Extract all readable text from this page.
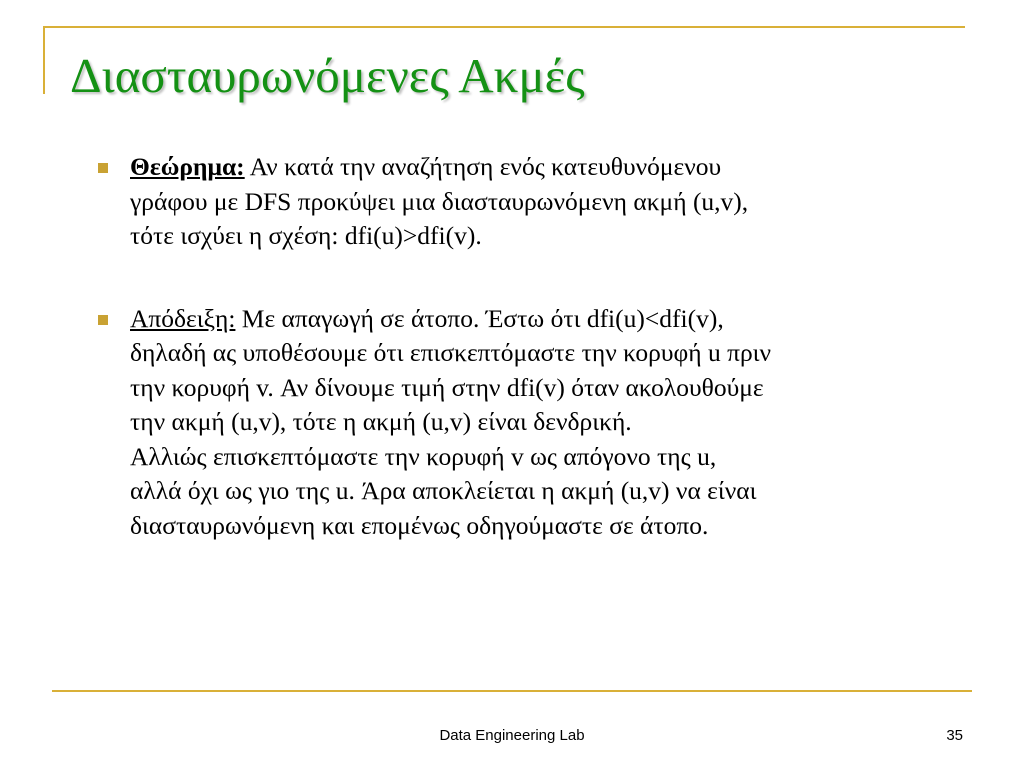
Διασταυρωνόμενες Ακμές
Θεώρημα: Αν κατά την αναζήτηση ενός κατευθυνόμενου
γράφου με DFS προκύψει μια διασταυρωνόμενη ακμή (u,v),
τότε ισχύει η σχέση: dfi(u)>dfi(v).
Απόδειξη: Με απαγωγή σε άτοπο. Έστω ότι dfi(u)<dfi(v),
δηλαδή ας υποθέσουμε ότι επισκεπτόμαστε την κορυφή u πριν
την κορυφή v. Αν δίνουμε τιμή στην dfi(v) όταν ακολουθούμε
την ακμή (u,v), τότε η ακμή (u,v) είναι δενδρική.
Αλλιώς επισκεπτόμαστε την κορυφή v ως απόγονο της u,
αλλά όχι ως γιο της u. Άρα αποκλείεται η ακμή (u,v) να είναι
διασταυρωνόμενη και επομένως οδηγούμαστε σε άτοπο.
Data Engineering Lab	35
